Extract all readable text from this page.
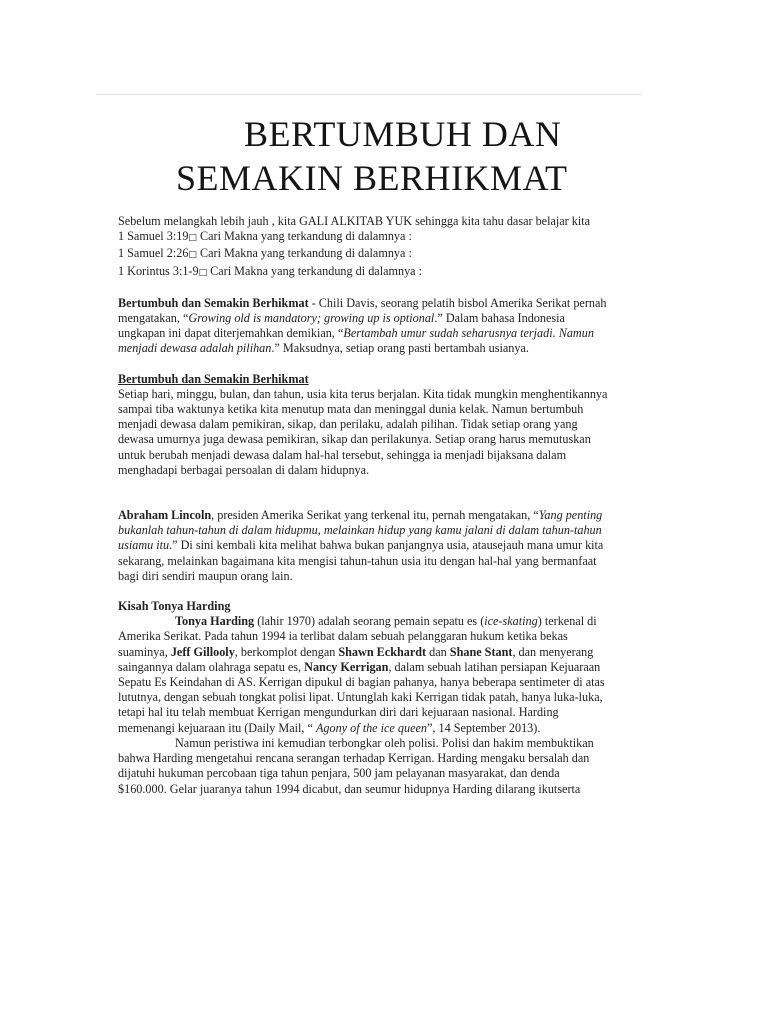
BERTUMBUH DAN
SEMAKIN BERHIKMAT

Sebelum melangkah lebih jauh , kita GALI ALKITAB YUK sehingga kita tahu dasar belajar kita

1 Samuel 3:19□ Cari Makna yang terkandung di dalamnya :

1 Samuel 2:26□ Cari Makna yang terkandung di dalamnya :

1 Korintus 3:1-9□ Cari Makna yang terkandung di dalamnya :

Bertumbuh dan Semakin Berhikmat - Chili Davis, seorang pelatih bisbol Amerika Serikat pernah mengatakan, “Growing old is mandatory; growing up is optional.” Dalam bahasa Indonesia ungkapan ini dapat diterjemahkan demikian, “Bertambah umur sudah seharusnya terjadi. Namun menjadi dewasa adalah pilihan.” Maksudnya, setiap orang pasti bertambah usianya.

Bertumbuh dan Semakin Berhikmat

Setiap hari, minggu, bulan, dan tahun, usia kita terus berjalan. Kita tidak mungkin menghentikannya sampai tiba waktunya ketika kita menutup mata dan meninggal dunia kelak. Namun bertumbuh menjadi dewasa dalam pemikiran, sikap, dan perilaku, adalah pilihan. Tidak setiap orang yang dewasa umurnya juga dewasa pemikiran, sikap dan perilakunya. Setiap orang harus memutuskan untuk berubah menjadi dewasa dalam hal-hal tersebut, sehingga ia menjadi bijaksana dalam menghadapi berbagai persoalan di dalam hidupnya.

Abraham Lincoln, presiden Amerika Serikat yang terkenal itu, pernah mengatakan, “Yang penting bukanlah tahun-tahun di dalam hidupmu, melainkan hidup yang kamu jalani di dalam tahun-tahun usiamu itu.” Di sini kembali kita melihat bahwa bukan panjangnya usia, atausejauh mana umur kita sekarang, melainkan bagaimana kita mengisi tahun-tahun usia itu dengan hal-hal yang bermanfaat bagi diri sendiri maupun orang lain.

Kisah Tonya Harding

Tonya Harding (lahir 1970) adalah seorang pemain sepatu es (ice-skating) terkenal di Amerika Serikat. Pada tahun 1994 ia terlibat dalam sebuah pelanggaran hukum ketika bekas suaminya, Jeff Gillooly, berkomplot dengan Shawn Eckhardt dan Shane Stant, dan menyerang saingannya dalam olahraga sepatu es, Nancy Kerrigan, dalam sebuah latihan persiapan Kejuaraan Sepatu Es Keindahan di AS. Kerrigan dipukul di bagian pahanya, hanya beberapa sentimeter di atas lututnya, dengan sebuah tongkat polisi lipat. Untunglah kaki Kerrigan tidak patah, hanya luka-luka, tetapi hal itu telah membuat Kerrigan mengundurkan diri dari kejuaraan nasional. Harding memenangi kejuaraan itu (Daily Mail, “ Agony of the ice queen”, 14 September 2013).

Namun peristiwa ini kemudian terbongkar oleh polisi. Polisi dan hakim membuktikan bahwa Harding mengetahui rencana serangan terhadap Kerrigan. Harding mengaku bersalah dan dijatuhi hukuman percobaan tiga tahun penjara, 500 jam pelayanan masyarakat, dan denda $160.000. Gelar juaranya tahun 1994 dicabut, dan seumur hidupnya Harding dilarang ikutserta
